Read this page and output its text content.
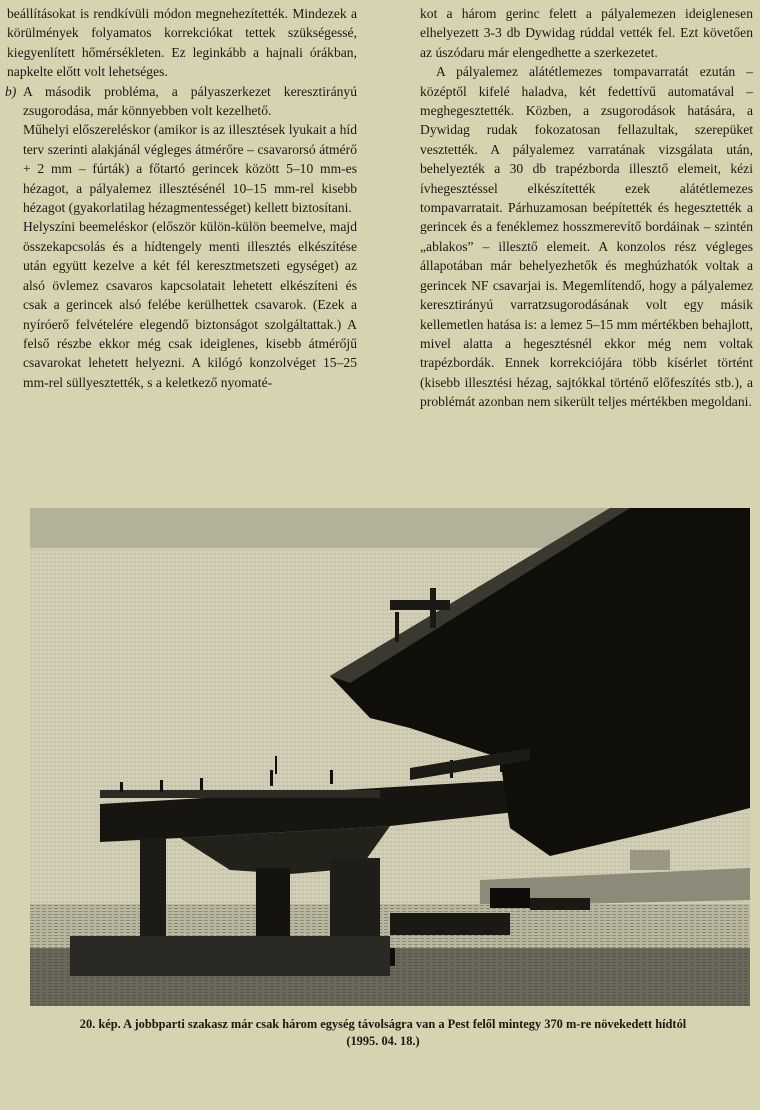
beállításokat is rendkívüli módon megnehezítették. Mindezek a körülmények folyamatos korrekciókat tettek szükségessé, kiegyenlített hőmérsékleten. Ez leginkább a hajnali órákban, napkelte előtt volt lehetséges.

b) A második probléma, a pályaszerkezet keresztirányú zsugorodása, már könnyebben volt kezelhető.

Műhelyi előszereléskor (amikor is az illesztések lyukait a híd terv szerinti alakjánál végleges átmérőre – csavarorsó átmérő + 2 mm – fúrták) a főtartó gerincek között 5–10 mm-es hézagot, a pályalemez illesztésénél 10–15 mm-rel kisebb hézagot (gyakorlatilag hézagmentességet) kellett biztosítani.

Helyszíni beemeléskor (először külön-külön beemelve, majd összekapcsolás és a hídtengely menti illesztés elkészítése után együtt kezelve a két fél keresztmetszeti egységet) az alsó övlemez csavaros kapcsolatait lehetett elkészíteni és csak a gerincek alsó felébe kerülhettek csavarok. (Ezek a nyíróerő felvételére elegendő biztonságot szolgáltattak.) A felső részbe ekkor még csak ideiglenes, kisebb átmérőjű csavarokat lehetett helyezni. A kilógó konzolvéget 15–25 mm-rel süllyesztették, s a keletkező nyomaté-

kot a három gerinc felett a pályalemezen ideiglenesen elhelyezett 3-3 db Dywidag rúddal vették fel. Ezt követően az úszódaru már elengedhette a szerkezetet.

A pályalemez alátétlemezes tompavarratát ezután – középtől kifelé haladva, két fedettívű automatával – meghegesztették. Közben, a zsugorodások hatására, a Dywidag rudak fokozatosan fellazultak, szerepüket vesztették. A pályalemez varratának vizsgálata után, behelyezték a 30 db trapézborda illesztő elemeit, kézi ívhegesztéssel elkészítették ezek alátétlemezes tompavarratait. Párhuzamosan beépítették és hegesztették a gerincek és a fenéklemez hosszmerevítő bordáinak – szintén „ablakos” – illesztő elemeit. A konzolos rész végleges állapotában már behelyezhetők és meghúzhatók voltak a gerincek NF csavarjai is. Megemlítendő, hogy a pályalemez keresztirányú varratzsugorodásának volt egy másik kellemetlen hatása is: a lemez 5–15 mm mértékben behajlott, mivel alatta a hegesztésnél ekkor még nem voltak trapézbordák. Ennek korrekciójára több kísérlet történt (kisebb illesztési hézag, sajtókkal történő előfeszítés stb.), a problémát azonban nem sikerült teljes mértékben megoldani.

20. kép. A jobbparti szakasz már csak három egység távolságra van a Pest felől mintegy 370 m-re növekedett hídtól
(1995. 04. 18.)
